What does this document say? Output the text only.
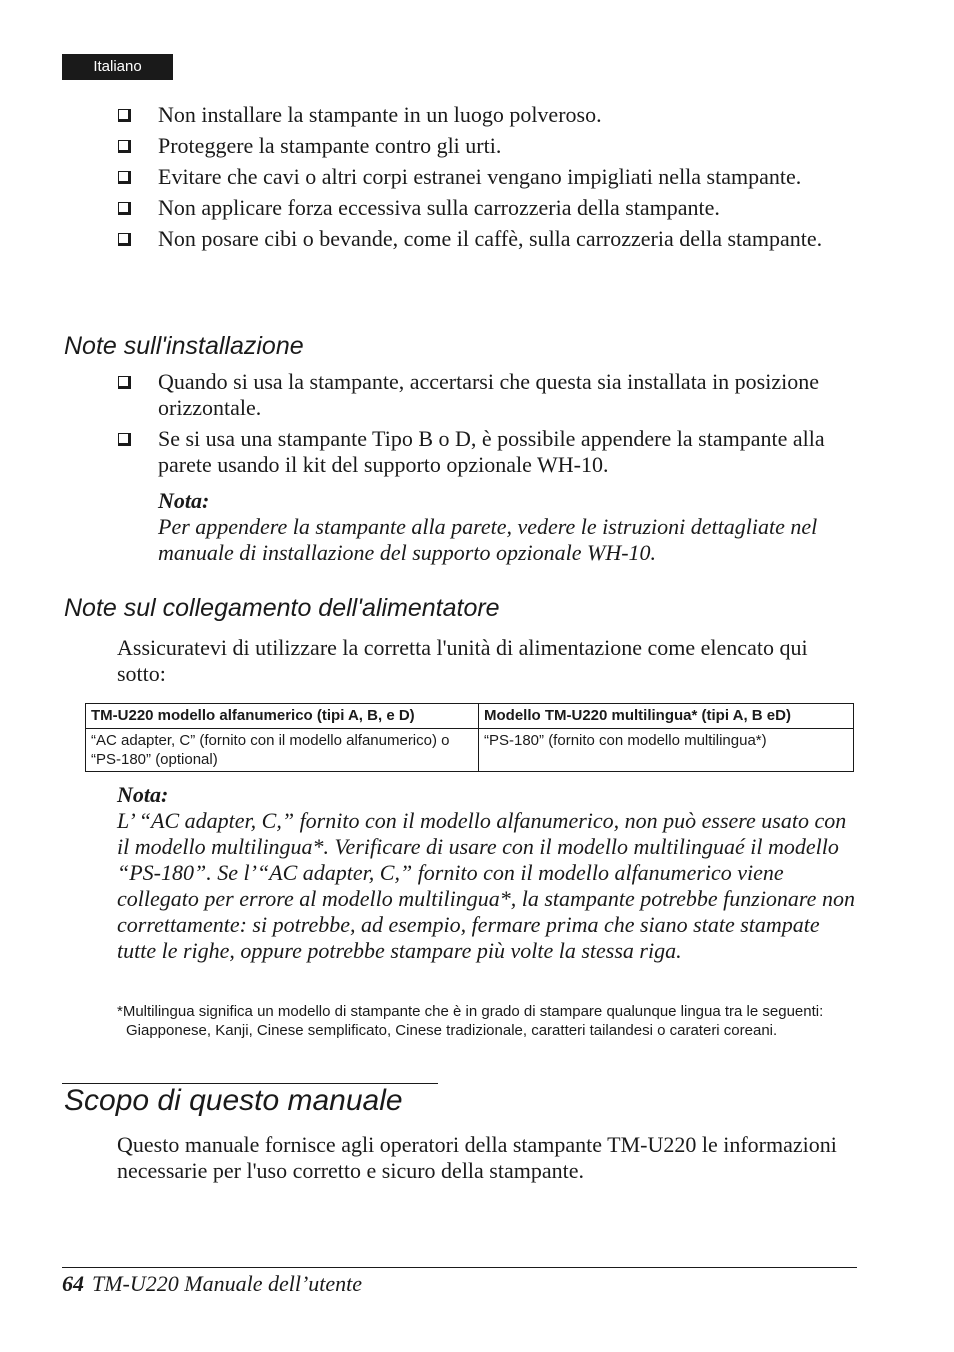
Italiano
Non installare la stampante in un luogo polveroso.
Proteggere la stampante contro gli urti.
Evitare che cavi o altri corpi estranei vengano impigliati nella stampante.
Non applicare forza eccessiva sulla carrozzeria della stampante.
Non posare cibi o bevande, come il caffè, sulla carrozzeria della stampante.
Note sull'installazione
Quando si usa la stampante, accertarsi che questa sia installata in posizione orizzontale.
Se si usa una stampante Tipo B o D, è possibile appendere la stampante alla parete usando il kit del supporto opzionale WH-10.
Nota:
Per appendere la stampante alla parete, vedere le istruzioni dettagliate nel manuale di installazione del supporto opzionale WH-10.
Note sul collegamento dell'alimentatore
Assicuratevi di utilizzare la corretta l'unità di alimentazione come elencato qui sotto:
TM-U220 modello alfanumerico (tipi A, B, e D)	Modello TM-U220 multilingua* (tipi A, B eD)
“AC adapter, C” (fornito con il modello alfanumerico) o “PS-180” (optional)	“PS-180” (fornito con modello multilingua*)
Nota:
L’ “AC adapter, C,” fornito con il modello alfanumerico, non può essere usato con il modello multilingua*. Verificare di usare con il modello multilinguaé il modello “PS-180”. Se l’“AC adapter, C,” fornito con il modello alfanumerico viene collegato per errore al modello multilingua*, la stampante potrebbe funzionare non correttamente: si potrebbe, ad esempio, fermare prima che siano state stampate tutte le righe, oppure potrebbe stampare più volte la stessa riga.
*Multilingua significa un modello di stampante che è in grado di stampare qualunque lingua tra le seguenti: Giapponese, Kanji, Cinese semplificato, Cinese tradizionale, caratteri tailandesi o carateri coreani.
Scopo di questo manuale
Questo manuale fornisce agli operatori della stampante TM-U220 le informazioni necessarie per l'uso corretto e sicuro della stampante.
64 TM-U220 Manuale dell’utente
